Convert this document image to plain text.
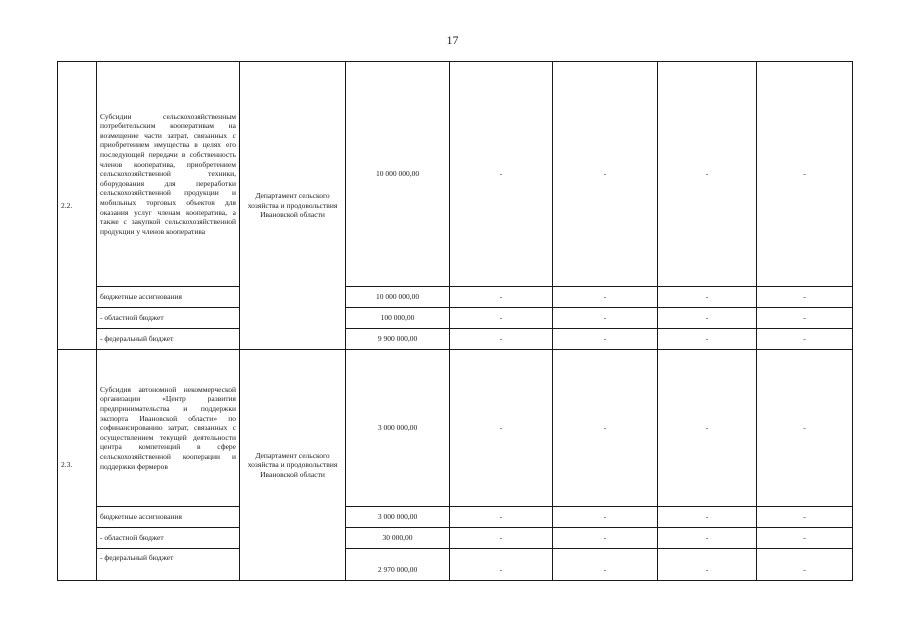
17
2.2.	Субсидии сельскохозяйственным потребительским кооперативам на возмещение части затрат, связанных с приобретением имущества в целях его последующей передачи в собственность членов кооператива, приобретением сельскохозяйственной техники, оборудования для переработки сельскохозяйственной продукции и мобильных торговых объектов для оказания услуг членам кооператива, а также с закупкой сельскохозяйственной продукции у членов кооператива	Департамент сельского хозяйства и продовольствия Ивановской области	10 000 000,00	-	-	-	-
	бюджетные ассигнования		10 000 000,00	-	-	-	-
	- областной бюджет		100 000,00	-	-	-	-
	- федеральный бюджет		9 900 000,00	-	-	-	-
2.3.	Субсидия автономной некоммерческой организации «Центр развития предпринимательства и поддержки экспорта Ивановской области» по софинансированию затрат, связанных с осуществлением текущей деятельности центра компетенций в сфере сельскохозяйственной кооперации и поддержки фермеров	Департамент сельского хозяйства и продовольствия Ивановской области	3 000 000,00	-	-	-	-
	бюджетные ассигнования		3 000 000,00	-	-	-	-
	- областной бюджет		30 000,00	-	-	-	-
	- федеральный бюджет		2 970 000,00	-	-	-	-
